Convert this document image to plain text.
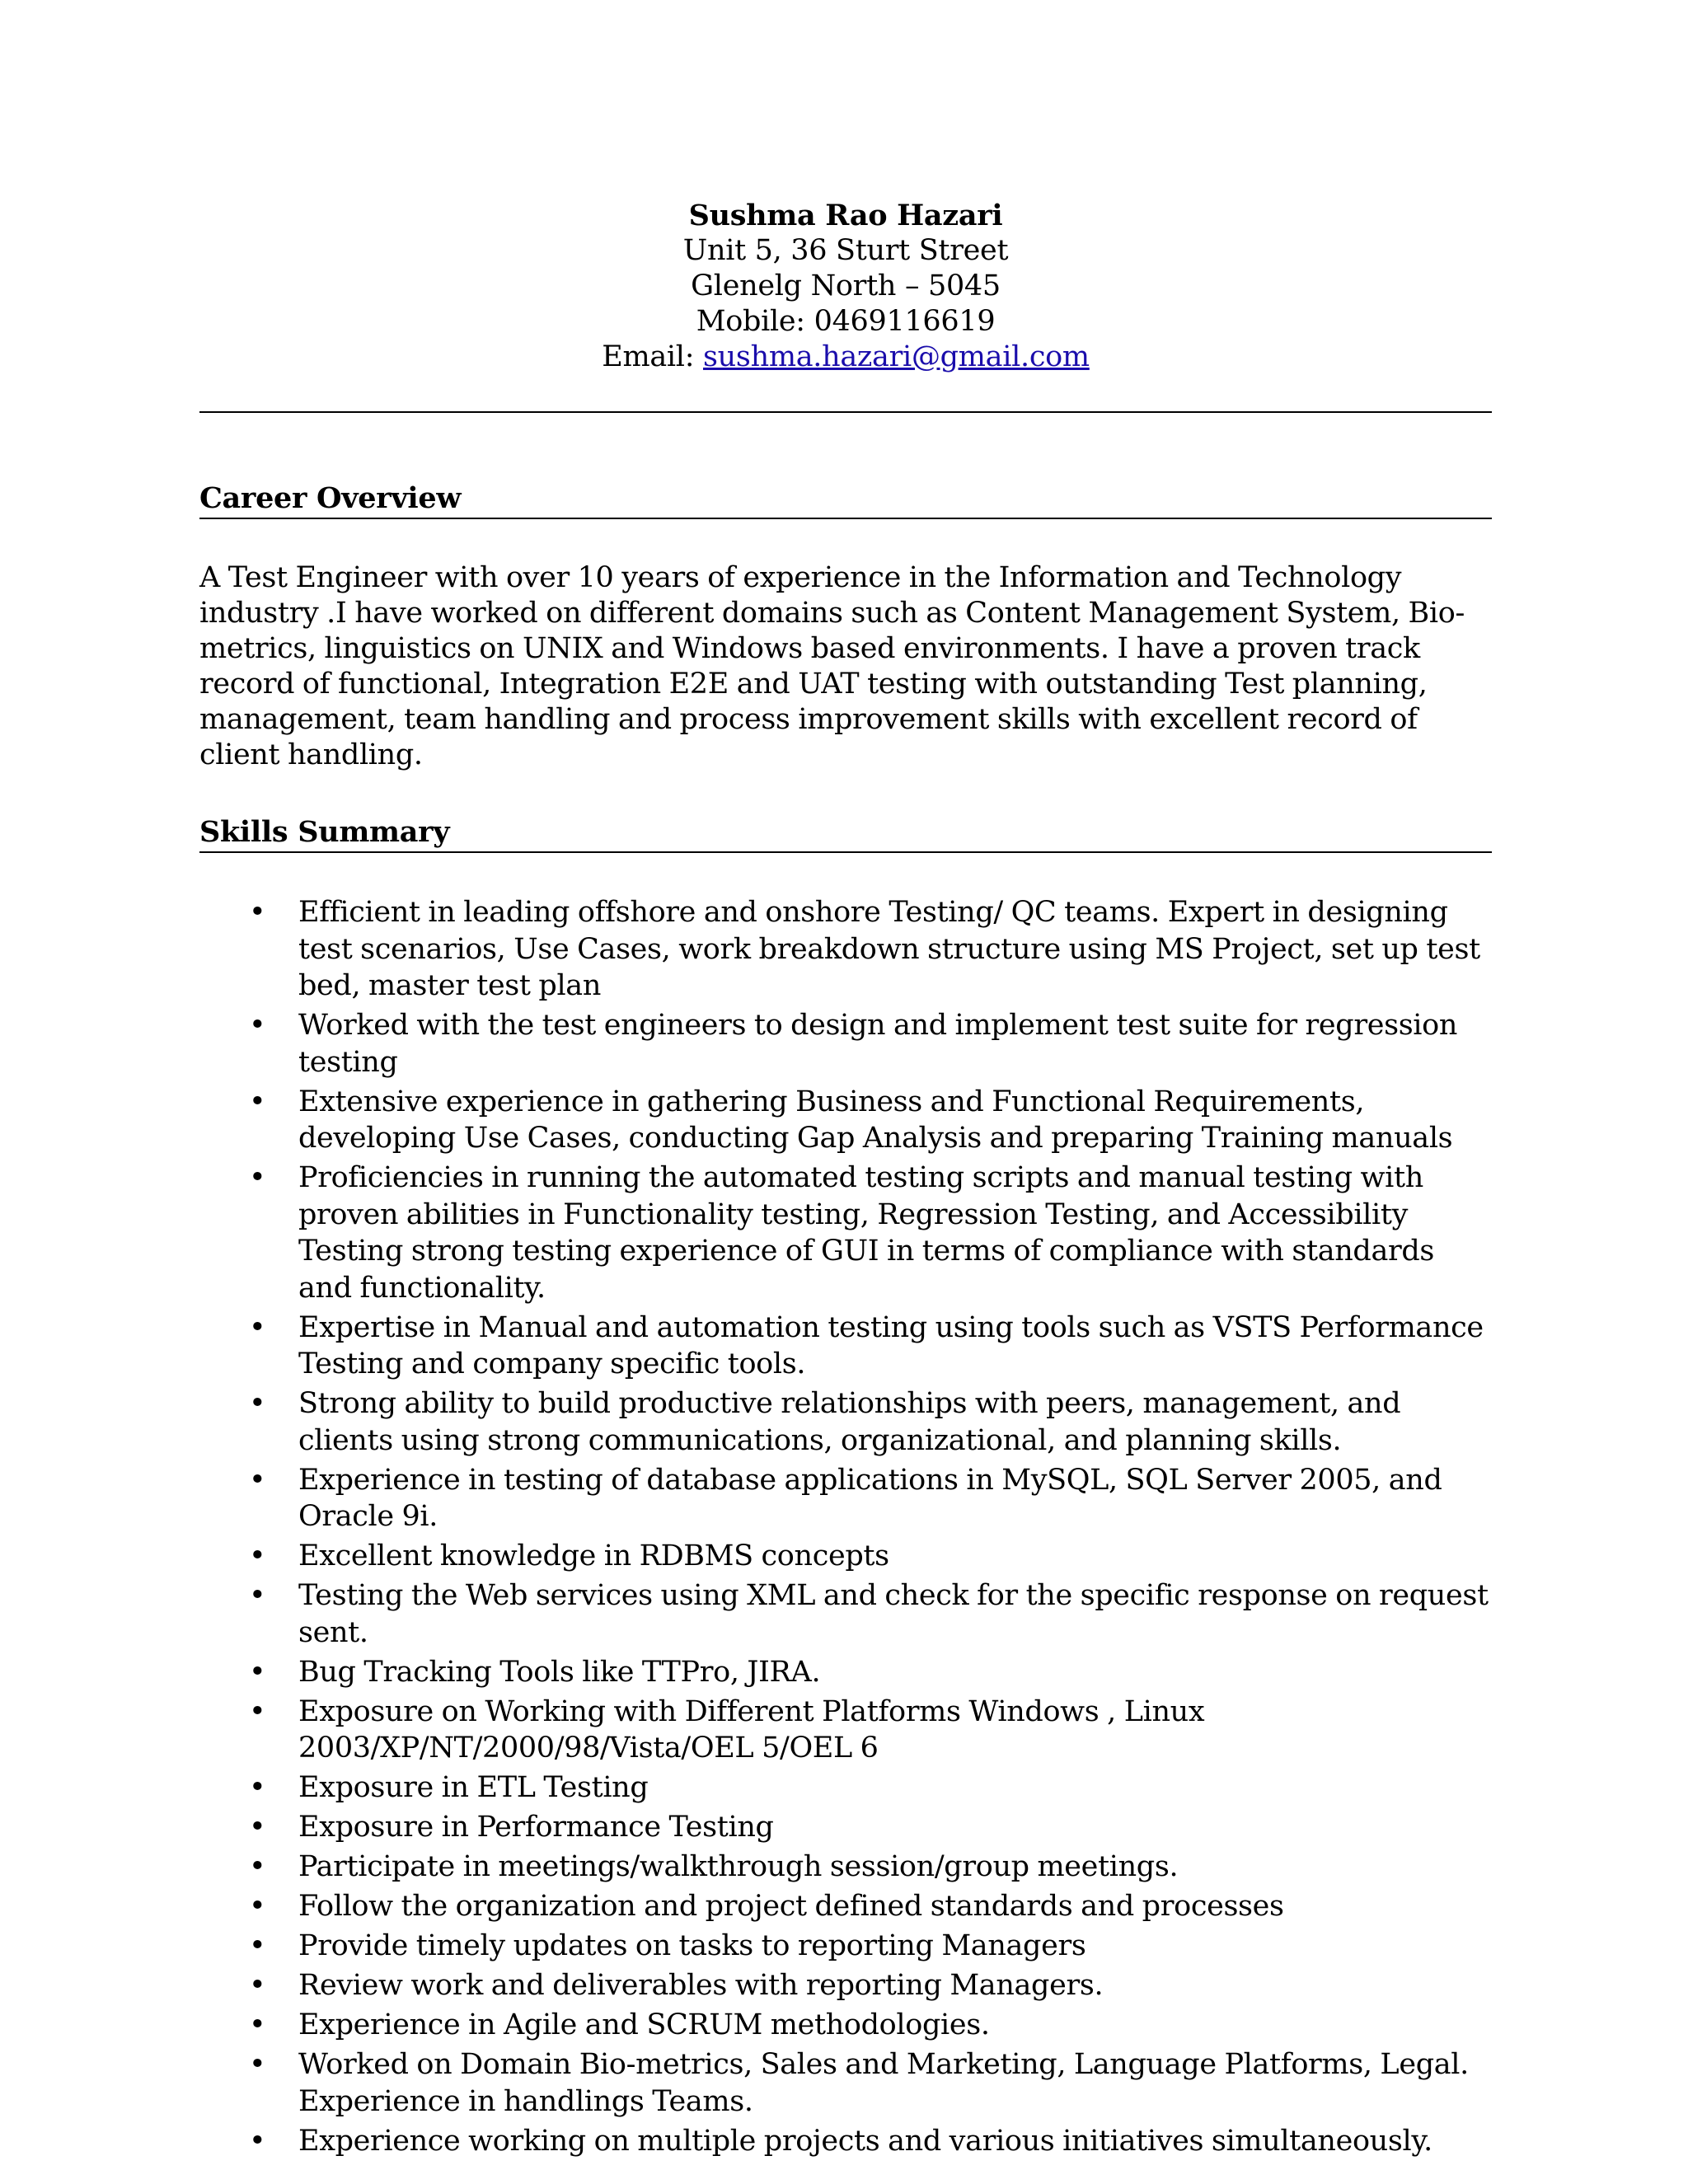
Sushma Rao Hazari
Unit 5, 36 Sturt Street
Glenelg North – 5045
Mobile: 0469116619
Email: sushma.hazari@gmail.com
Career Overview
A Test Engineer with over 10 years of experience in the Information and Technology industry .I have worked on different domains such as Content Management System, Bio-metrics, linguistics on UNIX and Windows based environments. I have a proven track record of functional, Integration E2E and UAT testing with outstanding Test planning, management, team handling and process improvement skills with excellent record of client handling.
Skills Summary
• Efficient in leading offshore and onshore Testing/ QC teams. Expert in designing test scenarios, Use Cases, work breakdown structure using MS Project, set up test bed, master test plan
• Worked with the test engineers to design and implement test suite for regression testing
• Extensive experience in gathering Business and Functional Requirements, developing Use Cases, conducting Gap Analysis and preparing Training manuals
• Proficiencies in running the automated testing scripts and manual testing with proven abilities in Functionality testing, Regression Testing, and Accessibility Testing strong testing experience of GUI in terms of compliance with standards and functionality.
• Expertise in Manual and automation testing using tools such as VSTS Performance Testing and company specific tools.
• Strong ability to build productive relationships with peers, management, and clients using strong communications, organizational, and planning skills.
• Experience in testing of database applications in MySQL, SQL Server 2005, and Oracle 9i.
• Excellent knowledge in RDBMS concepts
• Testing the Web services using XML and check for the specific response on request sent.
• Bug Tracking Tools like TTPro, JIRA.
• Exposure on Working with Different Platforms Windows , Linux 2003/XP/NT/2000/98/Vista/OEL 5/OEL 6
• Exposure in ETL Testing
• Exposure in Performance Testing
• Participate in meetings/walkthrough session/group meetings.
• Follow the organization and project defined standards and processes
• Provide timely updates on tasks to reporting Managers
• Review work and deliverables with reporting Managers.
• Experience in Agile and SCRUM methodologies.
• Worked on Domain Bio-metrics, Sales and Marketing, Language Platforms, Legal. Experience in handlings Teams.
• Experience working on multiple projects and various initiatives simultaneously.
